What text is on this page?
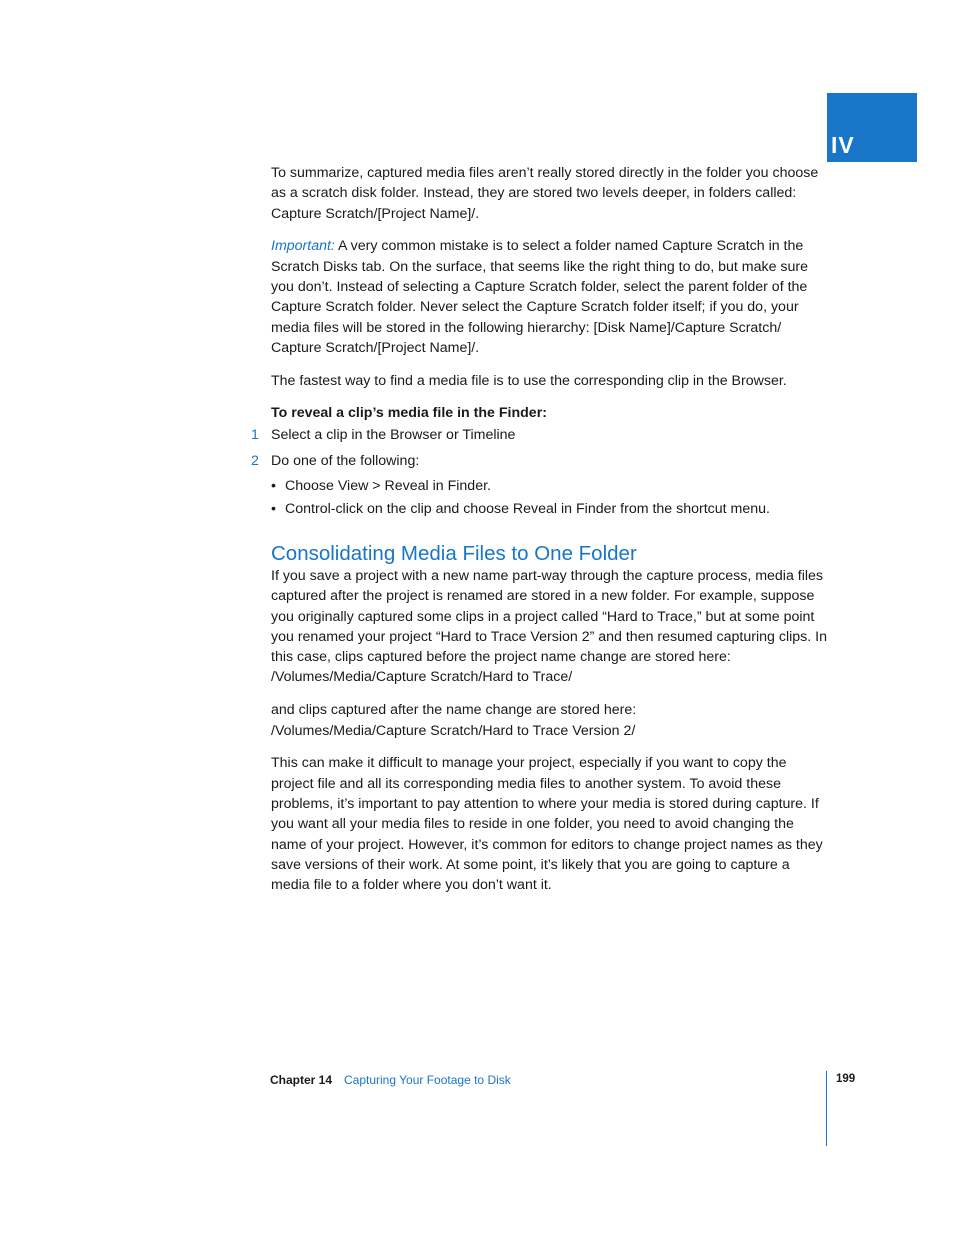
IV

To summarize, captured media files aren’t really stored directly in the folder you choose as a scratch disk folder. Instead, they are stored two levels deeper, in folders called: Capture Scratch/[Project Name]/.

Important: A very common mistake is to select a folder named Capture Scratch in the Scratch Disks tab. On the surface, that seems like the right thing to do, but make sure you don’t. Instead of selecting a Capture Scratch folder, select the parent folder of the Capture Scratch folder. Never select the Capture Scratch folder itself; if you do, your media files will be stored in the following hierarchy: [Disk Name]/Capture Scratch/ Capture Scratch/[Project Name]/.

The fastest way to find a media file is to use the corresponding clip in the Browser.

To reveal a clip’s media file in the Finder:
1 Select a clip in the Browser or Timeline
2 Do one of the following:
• Choose View > Reveal in Finder.
• Control-click on the clip and choose Reveal in Finder from the shortcut menu.
Consolidating Media Files to One Folder

If you save a project with a new name part-way through the capture process, media files captured after the project is renamed are stored in a new folder. For example, suppose you originally captured some clips in a project called “Hard to Trace,” but at some point you renamed your project “Hard to Trace Version 2” and then resumed capturing clips. In this case, clips captured before the project name change are stored here:

/Volumes/Media/Capture Scratch/Hard to Trace/

and clips captured after the name change are stored here:

/Volumes/Media/Capture Scratch/Hard to Trace Version 2/

This can make it difficult to manage your project, especially if you want to copy the project file and all its corresponding media files to another system. To avoid these problems, it’s important to pay attention to where your media is stored during capture. If you want all your media files to reside in one folder, you need to avoid changing the name of your project. However, it’s common for editors to change project names as they save versions of their work. At some point, it’s likely that you are going to capture a media file to a folder where you don’t want it.

Chapter 14 Capturing Your Footage to Disk	199
